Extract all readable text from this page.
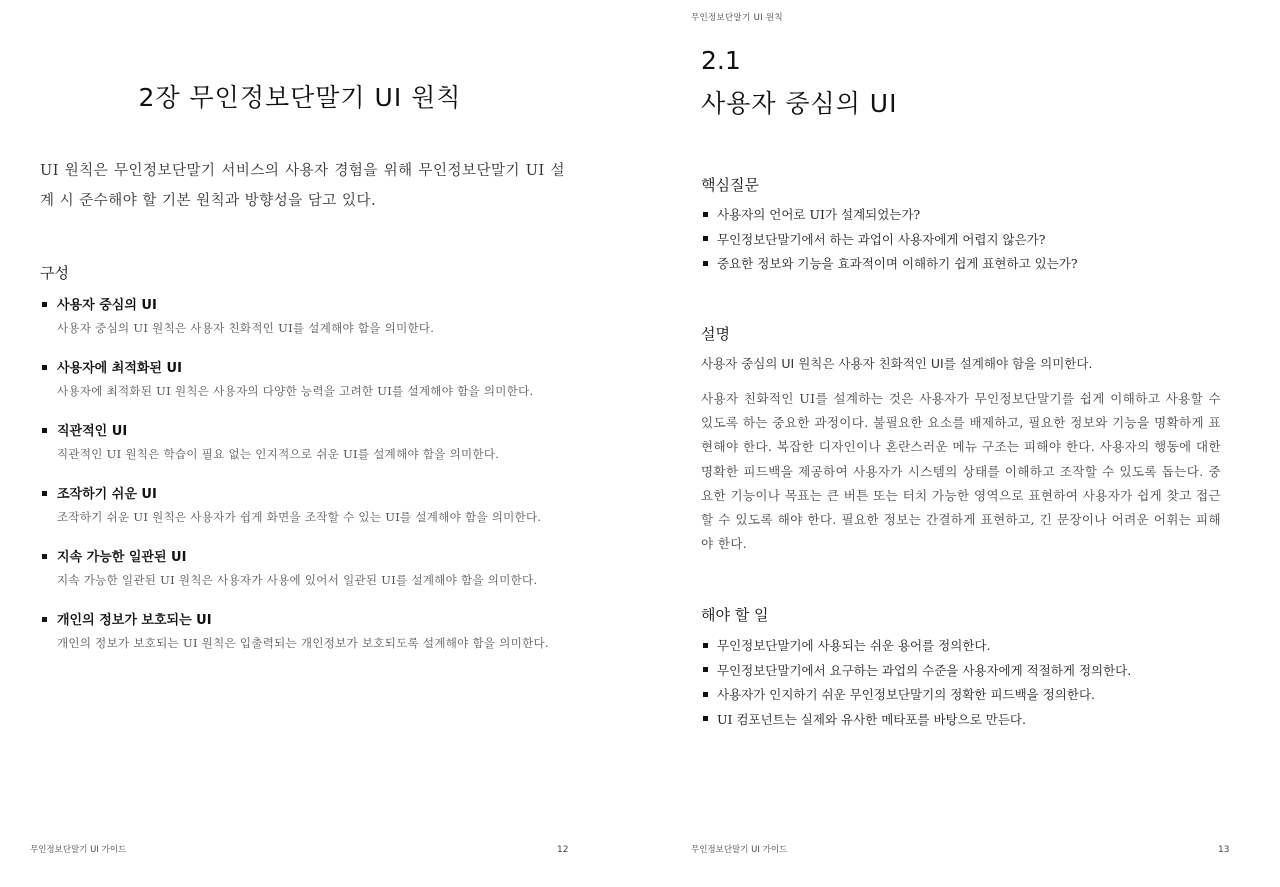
2장 무인정보단말기 UI 원칙
UI 원칙은 무인정보단말기 서비스의 사용자 경험을 위해 무인정보단말기 UI 설계 시 준수해야 할 기본 원칙과 방향성을 담고 있다.
구성
사용자 중심의 UI
사용자 중심의 UI 원칙은 사용자 친화적인 UI를 설계해야 함을 의미한다.
사용자에 최적화된 UI
사용자에 최적화된 UI 원칙은 사용자의 다양한 능력을 고려한 UI를 설계해야 함을 의미한다.
직관적인 UI
직관적인 UI 원칙은 학습이 필요 없는 인지적으로 쉬운 UI를 설계해야 함을 의미한다.
조작하기 쉬운 UI
조작하기 쉬운 UI 원칙은 사용자가 쉽게 화면을 조작할 수 있는 UI를 설계해야 함을 의미한다.
지속 가능한 일관된 UI
지속 가능한 일관된 UI 원칙은 사용자가 사용에 있어서 일관된 UI를 설계해야 함을 의미한다.
개인의 정보가 보호되는 UI
개인의 정보가 보호되는 UI 원칙은 입출력되는 개인정보가 보호되도록 설계해야 함을 의미한다.
무인정보단말기 UI 가이드	12
무인정보단말기 UI 원칙
2.1
사용자 중심의 UI
핵심질문
사용자의 언어로 UI가 설계되었는가?
무인정보단말기에서 하는 과업이 사용자에게 어렵지 않은가?
중요한 정보와 기능을 효과적이며 이해하기 쉽게 표현하고 있는가?
설명
사용자 중심의 UI 원칙은 사용자 친화적인 UI를 설계해야 함을 의미한다.
사용자 친화적인 UI를 설계하는 것은 사용자가 무인정보단말기를 쉽게 이해하고 사용할 수 있도록 하는 중요한 과정이다. 불필요한 요소를 배제하고, 필요한 정보와 기능을 명확하게 표현해야 한다. 복잡한 디자인이나 혼란스러운 메뉴 구조는 피해야 한다. 사용자의 행동에 대한 명확한 피드백을 제공하여 사용자가 시스템의 상태를 이해하고 조작할 수 있도록 돕는다. 중요한 기능이나 목표는 큰 버튼 또는 터치 가능한 영역으로 표현하여 사용자가 쉽게 찾고 접근할 수 있도록 해야 한다. 필요한 정보는 간결하게 표현하고, 긴 문장이나 어려운 어휘는 피해야 한다.
해야 할 일
무인정보단말기에 사용되는 쉬운 용어를 정의한다.
무인정보단말기에서 요구하는 과업의 수준을 사용자에게 적절하게 정의한다.
사용자가 인지하기 쉬운 무인정보단말기의 정확한 피드백을 정의한다.
UI 컴포넌트는 실제와 유사한 메타포를 바탕으로 만든다.
무인정보단말기 UI 가이드	13
